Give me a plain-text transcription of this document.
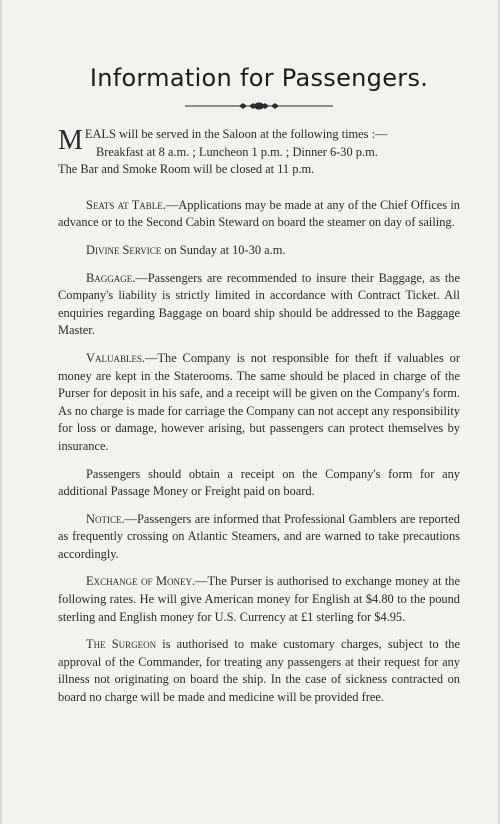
Information for Passengers.
M EALS will be served in the Saloon at the following times :—
Breakfast at 8 a.m. ; Luncheon 1 p.m. ; Dinner 6-30 p.m.
The Bar and Smoke Room will be closed at 11 p.m.

Seats at Table.—Applications may be made at any of the Chief Offices in advance or to the Second Cabin Steward on board the steamer on day of sailing.

Divine Service on Sunday at 10-30 a.m.

Baggage.—Passengers are recommended to insure their Baggage, as the Company's liability is strictly limited in accordance with Contract Ticket. All enquiries regarding Baggage on board ship should be addressed to the Baggage Master.

Valuables.—The Company is not responsible for theft if valuables or money are kept in the Staterooms. The same should be placed in charge of the Purser for deposit in his safe, and a receipt will be given on the Company's form. As no charge is made for carriage the Company can not accept any responsibility for loss or damage, however arising, but passengers can protect themselves by insurance.

Passengers should obtain a receipt on the Company's form for any additional Passage Money or Freight paid on board.

Notice.—Passengers are informed that Professional Gamblers are reported as frequently crossing on Atlantic Steamers, and are warned to take precautions accordingly.

Exchange of Money.—The Purser is authorised to exchange money at the following rates. He will give American money for English at $4.80 to the pound sterling and English money for U.S. Currency at £1 sterling for $4.95.

The Surgeon is authorised to make customary charges, subject to the approval of the Commander, for treating any passengers at their request for any illness not originating on board the ship. In the case of sickness contracted on board no charge will be made and medicine will be provided free.
